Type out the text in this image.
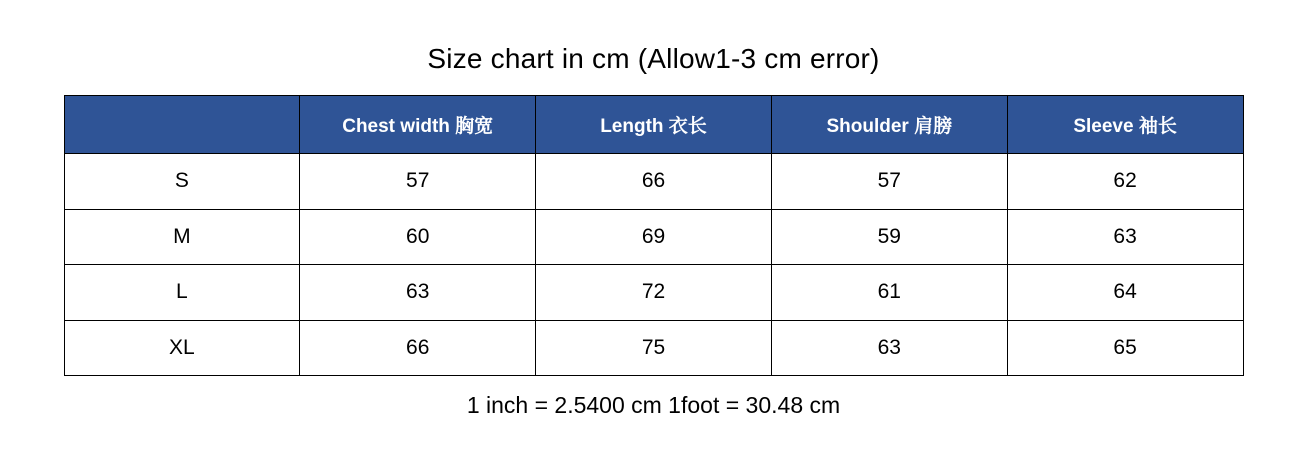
Size chart in cm (Allow1-3 cm error)
	Chest width 胸宽	Length 衣长	Shoulder 肩膀	Sleeve 袖长
S	57	66	57	62
M	60	69	59	63
L	63	72	61	64
XL	66	75	63	65
1 inch = 2.5400 cm 1foot = 30.48 cm
